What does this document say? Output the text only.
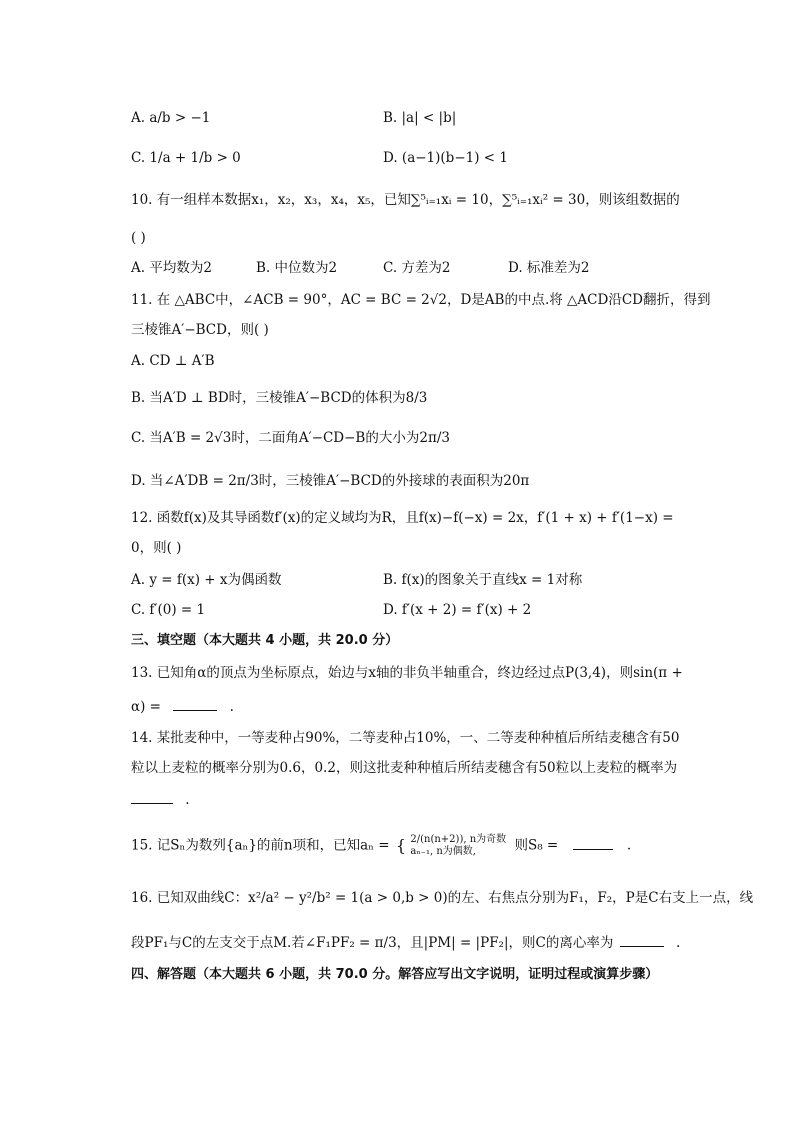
A. a/b > −1	B. |a| < |b|
C. 1/a + 1/b > 0	D. (a−1)(b−1) < 1
10. 有一组样本数据x₁，x₂，x₃，x₄，x₅，已知∑⁵ᵢ₌₁xᵢ = 10，∑⁵ᵢ₌₁xᵢ² = 30，则该组数据的
( )
A. 平均数为2	B. 中位数为2	C. 方差为2	D. 标准差为2
11. 在 △ABC中，∠ACB = 90°，AC = BC = 2√2，D是AB的中点.将 △ACD沿CD翻折，得到
三棱锥A′−BCD，则( )
A. CD ⊥ A′B
B. 当A′D ⊥ BD时，三棱锥A′−BCD的体积为8/3
C. 当A′B = 2√3时，二面角A′−CD−B的大小为2π/3
D. 当∠A′DB = 2π/3时，三棱锥A′−BCD的外接球的表面积为20π
12. 函数f(x)及其导函数f′(x)的定义域均为R，且f(x)−f(−x) = 2x，f′(1 + x) + f′(1−x) =
0，则( )
A. y = f(x) + x为偶函数	B. f(x)的图象关于直线x = 1对称
C. f′(0) = 1	D. f′(x + 2) = f′(x) + 2
三、填空题（本大题共 4 小题，共 20.0 分）
13. 已知角α的顶点为坐标原点，始边与x轴的非负半轴重合，终边经过点P(3,4)，则sin(π +
α) =	.
14. 某批麦种中，一等麦种占90%，二等麦种占10%，一、二等麦种种植后所结麦穗含有50
粒以上麦粒的概率分别为0.6，0.2，则这批麦种种植后所结麦穗含有50粒以上麦粒的概率为
.
15. 记Sₙ为数列{aₙ}的前n项和，已知aₙ = { 2/(n(n+2)), n为奇数
aₙ₋₁, n为偶数,	则S₈ =	.
16. 已知双曲线C：x²/a² − y²/b² = 1(a > 0,b > 0)的左、右焦点分别为F₁，F₂，P是C右支上一点，线
段PF₁与C的左支交于点M.若∠F₁PF₂ = π/3，且|PM| = |PF₂|，则C的离心率为	.
四、解答题（本大题共 6 小题，共 70.0 分。解答应写出文字说明，证明过程或演算步骤）
